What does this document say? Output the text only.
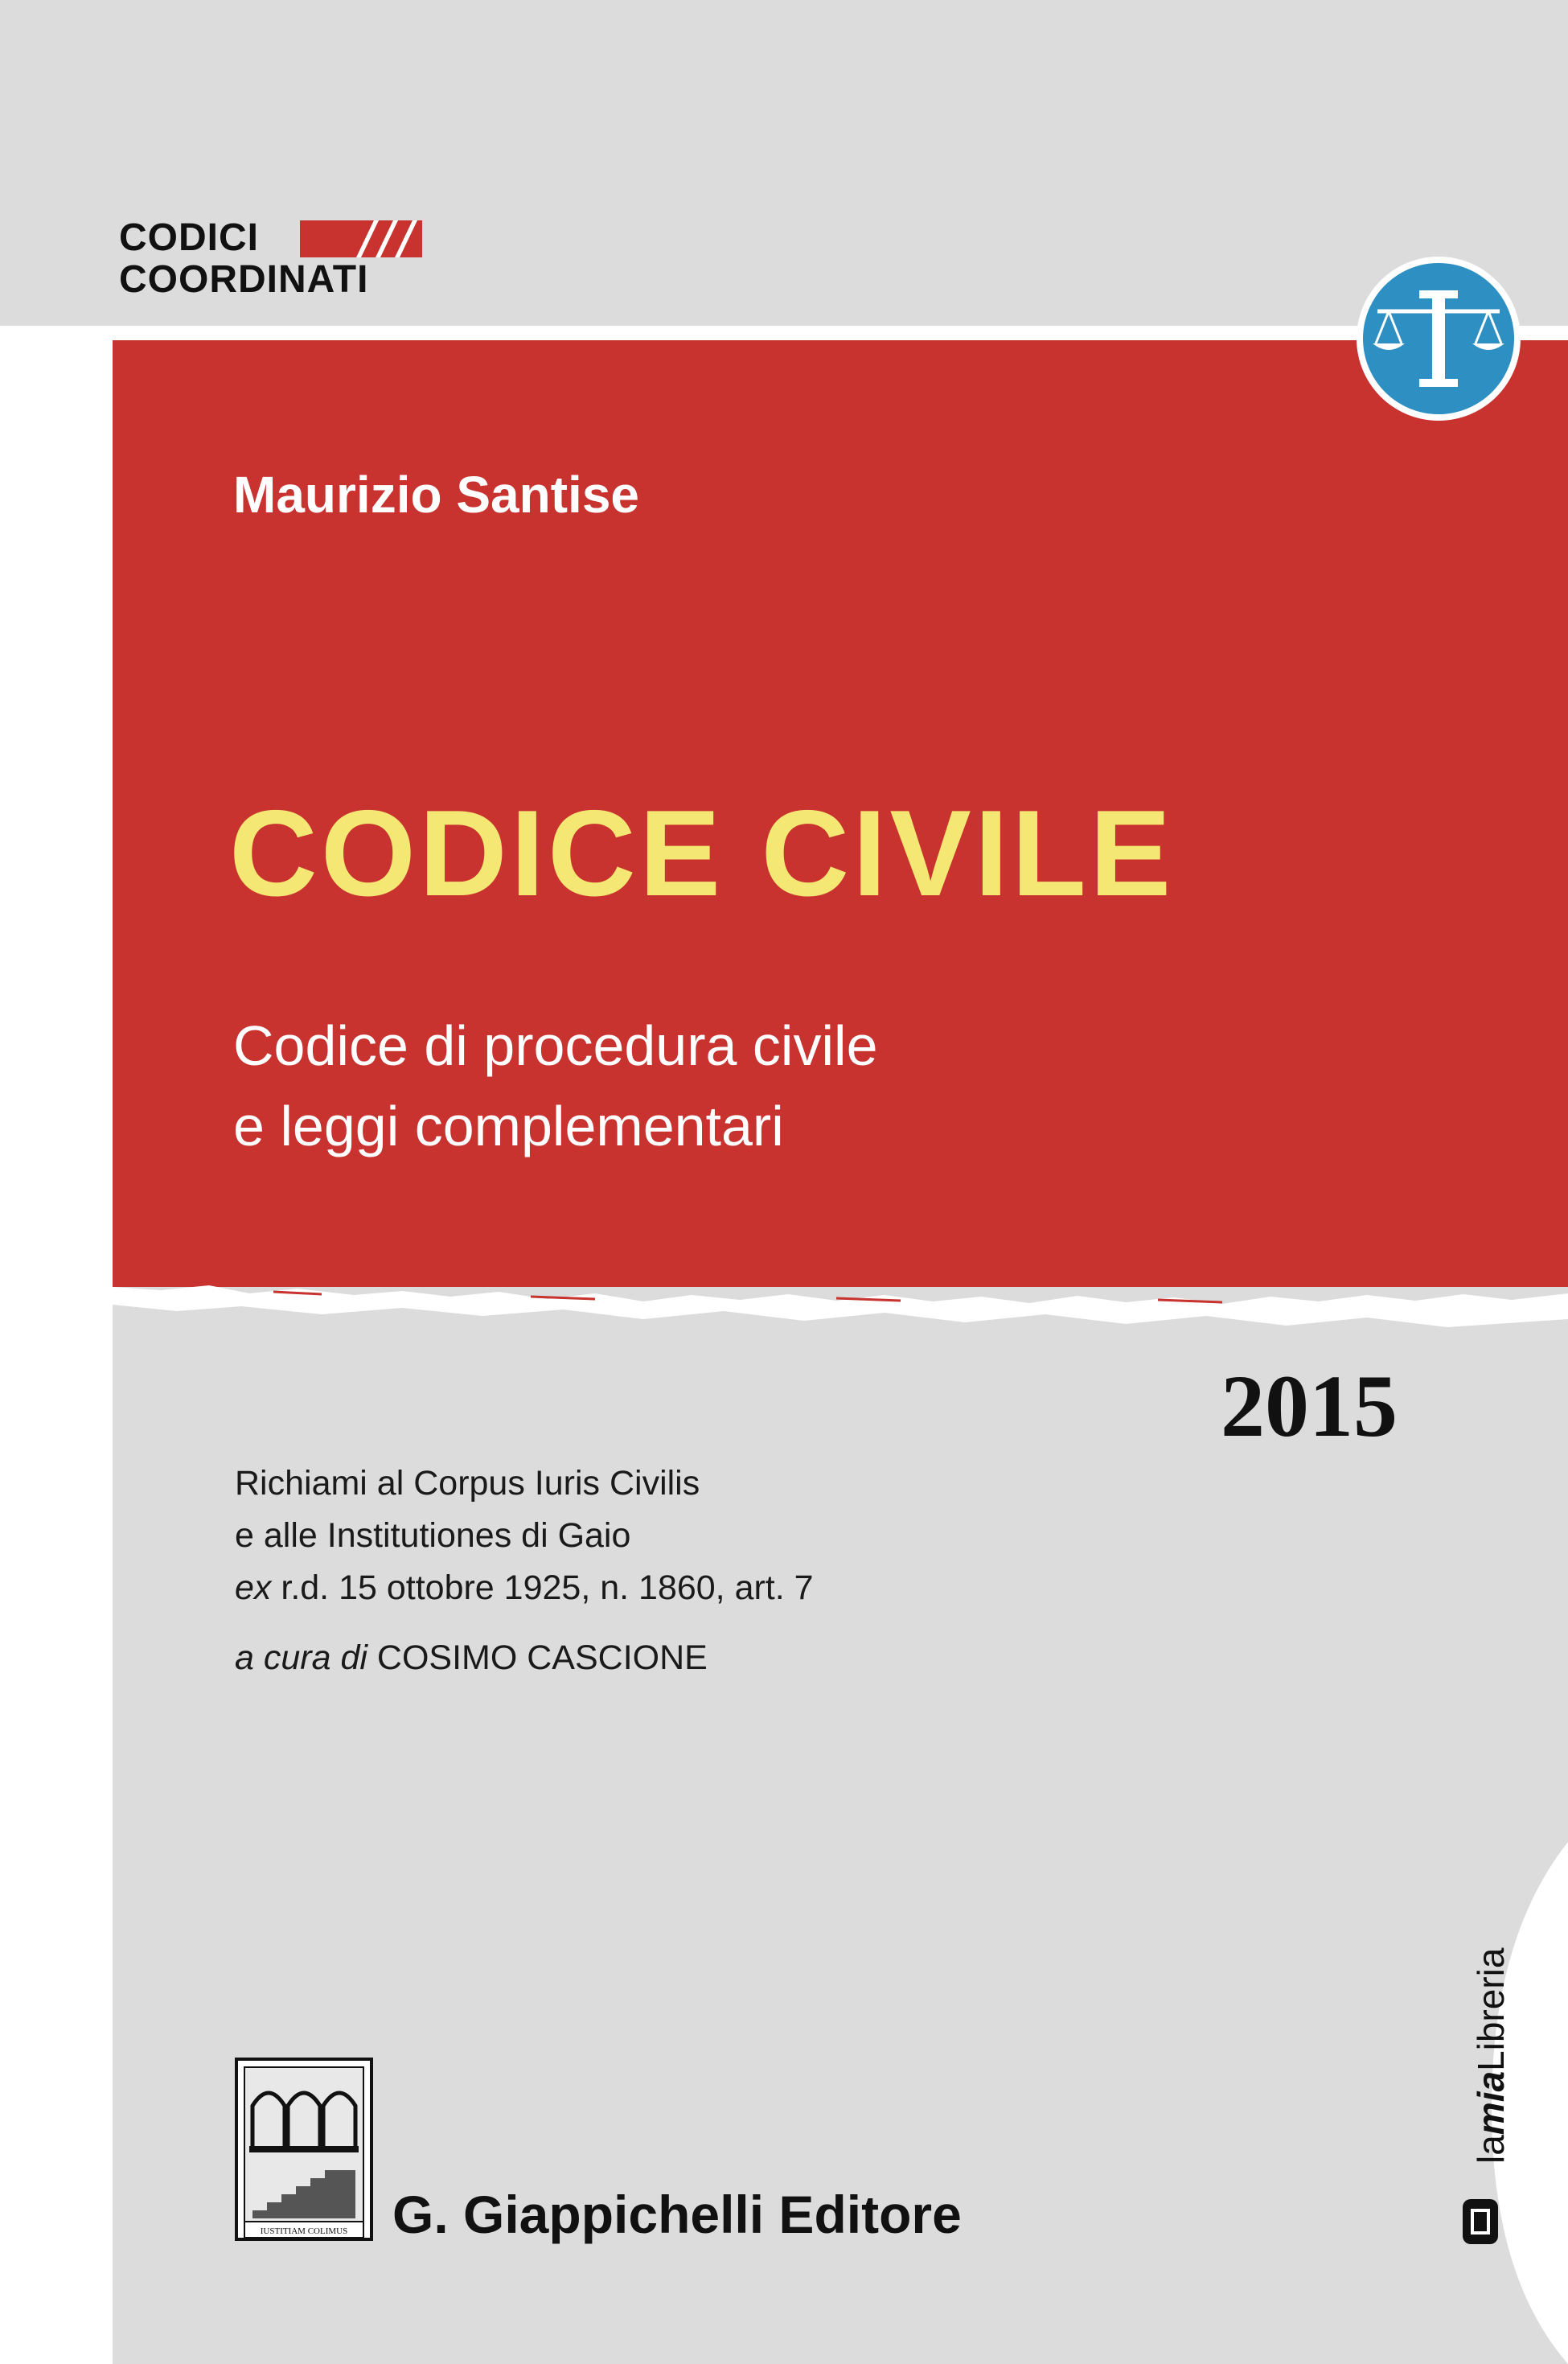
CODICI
COORDINATI
Maurizio Santise
CODICE CIVILE
Codice di procedura civile
e leggi complementari
2015
Richiami al Corpus Iuris Civilis
e alle Institutiones di Gaio
ex r.d. 15 ottobre 1925, n. 1860, art. 7
a cura di COSIMO CASCIONE
IUSTITIAM COLIMUS G. Giappichelli Editore
lamiaLibreria
